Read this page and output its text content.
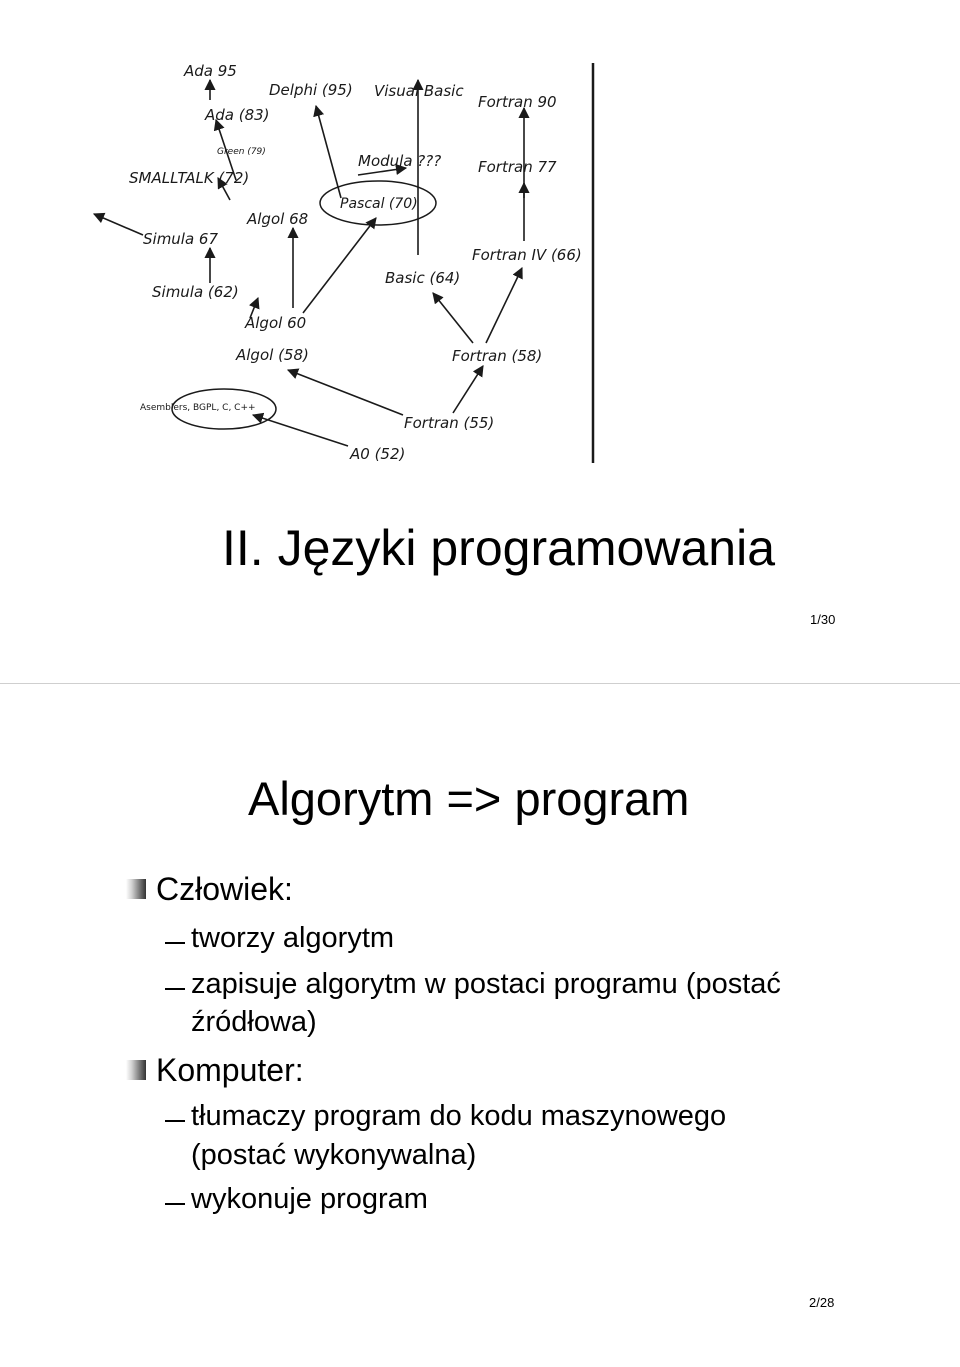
Ada 95
Delphi (95) Visual Basic
Fortran 90
Ada (83)
Green (79)	Modula ??? Fortran 77
SMALLTALK (72)
Pascal (70)
Algol 68
Simula 67
Fortran IV (66)
Basic (64)
Simula (62)
Algol 60
Algol (58)	Fortran (58)
Asemblers, BGPL, C, C++
Fortran (55)
A0 (52)
II. Języki programowania
1/30
Algorytm => program
Człowiek:
tworzy algorytm
zapisuje algorytm w postaci programu (postać
źródłowa)
Komputer:
tłumaczy program do kodu maszynowego
(postać wykonywalna)
wykonuje program
2/28
